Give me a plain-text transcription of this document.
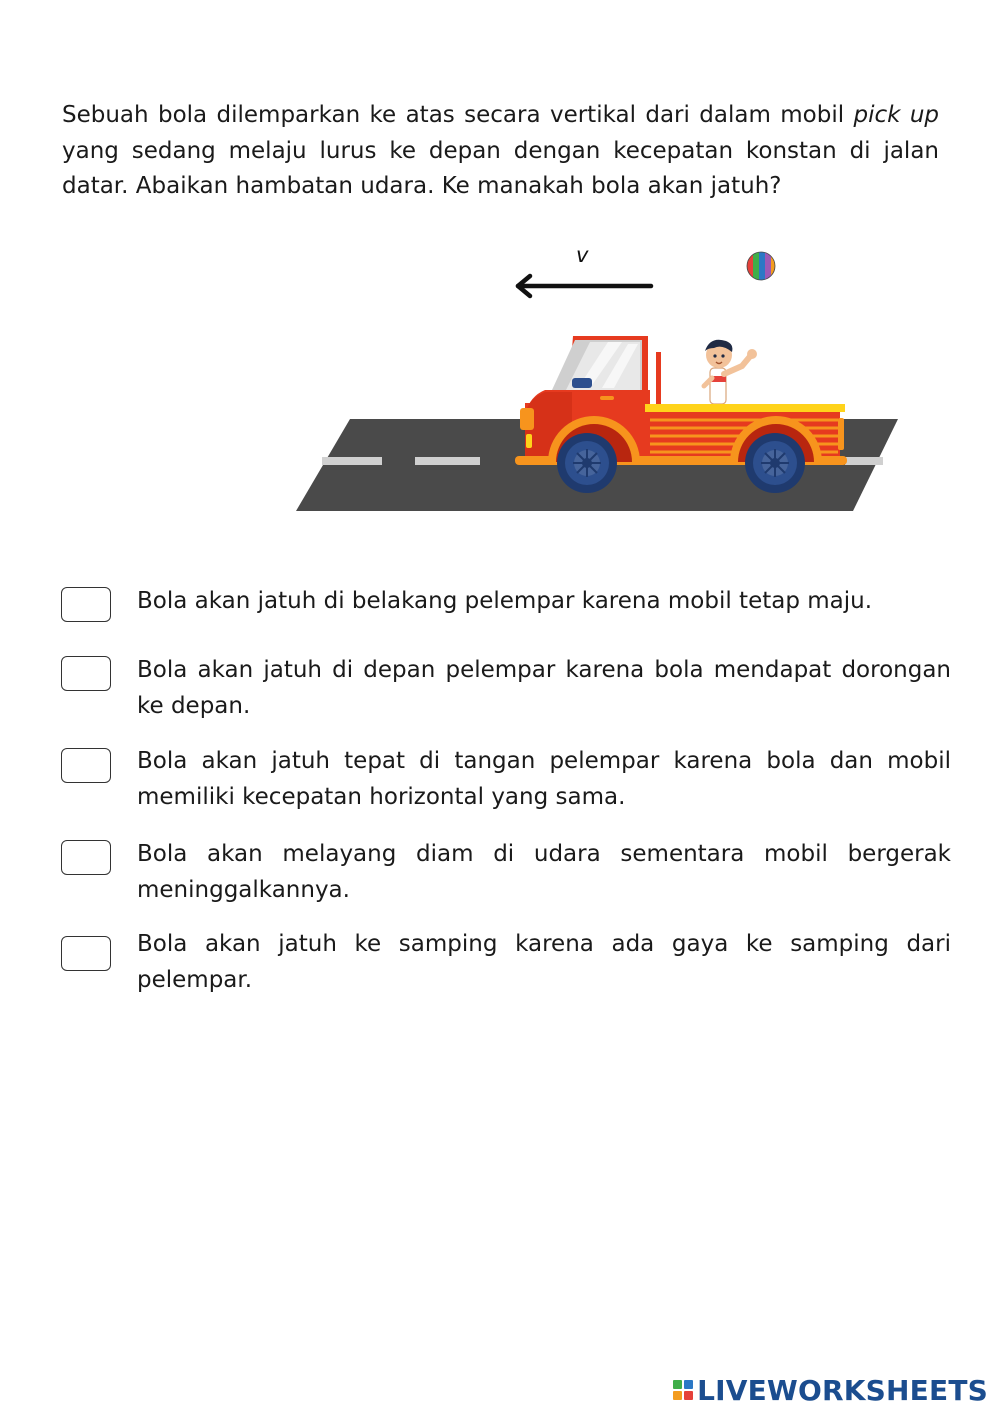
Sebuah bola dilemparkan ke atas secara vertikal dari dalam mobil pick up yang sedang melaju lurus ke depan dengan kecepatan konstan di jalan datar. Abaikan hambatan udara. Ke manakah bola akan jatuh?
v
Bola akan jatuh di belakang pelempar karena mobil tetap maju.
Bola akan jatuh di depan pelempar karena bola mendapat dorongan ke depan.
Bola akan jatuh tepat di tangan pelempar karena bola dan mobil memiliki kecepatan horizontal yang sama.
Bola akan melayang diam di udara sementara mobil bergerak meninggalkannya.
Bola akan jatuh ke samping karena ada gaya ke samping dari pelempar.
LIVEWORKSHEETS
